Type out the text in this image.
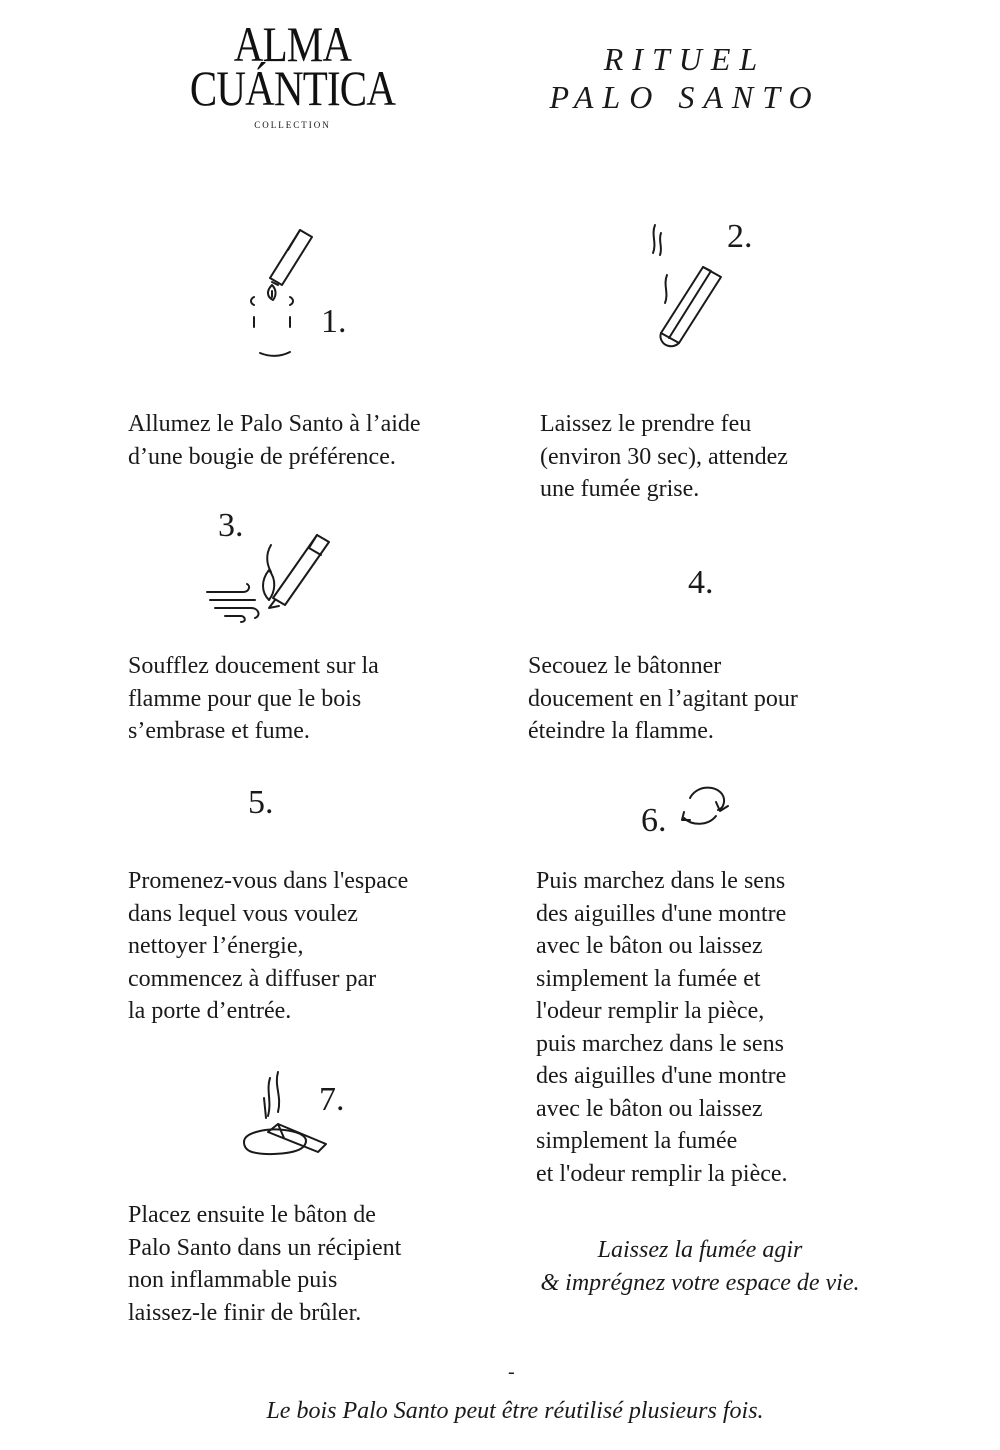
ALMA
CUÁNTICA
COLLECTION
RITUEL
PALO SANTO
1.
Allumez le Palo Santo à l’aide
d’une bougie de préférence.
2.
Laissez le prendre feu
(environ 30 sec), attendez
une fumée grise.
3.
Soufflez doucement sur la
flamme pour que le bois
s’embrase et fume.
4.
Secouez le bâtonner
doucement en l’agitant pour
éteindre la flamme.
5.
Promenez-vous dans l'espace
dans lequel vous voulez
nettoyer l’énergie,
commencez à diffuser par
la porte d’entrée.
6.
Puis marchez dans le sens
des aiguilles d'une montre
avec le bâton ou laissez
simplement la fumée et
l'odeur remplir la pièce,
puis marchez dans le sens
des aiguilles d'une montre
avec le bâton ou laissez
simplement la fumée
et l'odeur remplir la pièce.
7.
Placez ensuite le bâton de
Palo Santo dans un récipient
non inflammable puis
laissez-le finir de brûler.
Laissez la fumée agir
& imprégnez votre espace de vie.
-
Le bois Palo Santo peut être réutilisé plusieurs fois.
